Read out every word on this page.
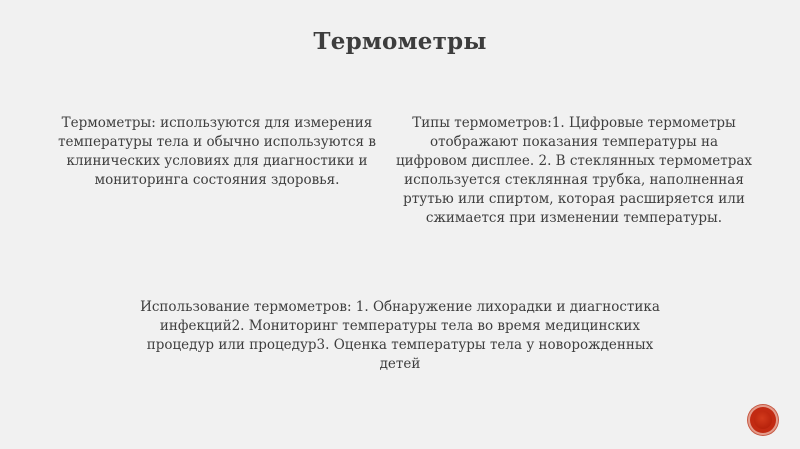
Термометры
Термометры: используются для измерения температуры тела и обычно используются в клинических условиях для диагностики и мониторинга состояния здоровья.
Типы термометров:1. Цифровые термометры отображают показания температуры на цифровом дисплее. 2. В стеклянных термометрах используется стеклянная трубка, наполненная ртутью или спиртом, которая расширяется или сжимается при изменении температуры.
Использование термометров: 1. Обнаружение лихорадки и диагностика инфекций2. Мониторинг температуры тела во время медицинских процедур или процедур3. Оценка температуры тела у новорожденных детей
